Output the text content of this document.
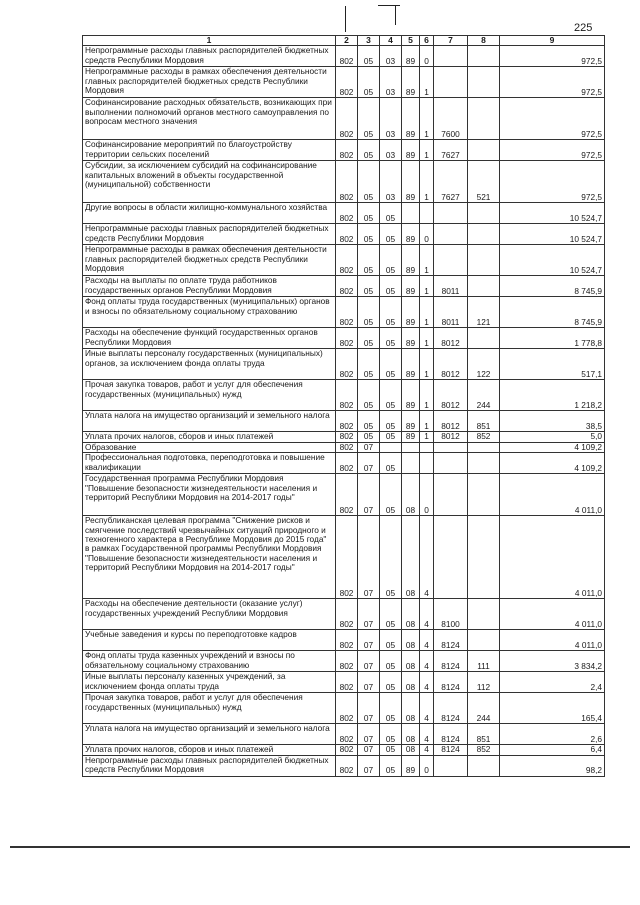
225
1	2	3	4	5	6	7	8	9
Непрограммные расходы главных распорядителей бюджетных средств Республики Мордовия	802	05	03	89	0			972,5
Непрограммные расходы в рамках обеспечения деятельности главных распорядителей бюджетных средств Республики Мордовия	802	05	03	89	1			972,5
Софинансирование расходных обязательств, возникающих при выполнении полномочий органов местного самоуправления по вопросам местного значения	802	05	03	89	1	7600		972,5
Софинансирование мероприятий по благоустройству территории сельских поселений	802	05	03	89	1	7627		972,5
Субсидии, за исключением субсидий на софинансирование капитальных вложений в объекты государственной (муниципальной) собственности	802	05	03	89	1	7627	521	972,5
Другие вопросы в области жилищно-коммунального хозяйства	802	05	05					10 524,7
Непрограммные расходы главных распорядителей бюджетных средств Республики Мордовия	802	05	05	89	0			10 524,7
Непрограммные расходы в рамках обеспечения деятельности главных распорядителей бюджетных средств Республики Мордовия	802	05	05	89	1			10 524,7
Расходы на выплаты по оплате труда работников государственных органов Республики Мордовия	802	05	05	89	1	8011		8 745,9
Фонд оплаты труда государственных (муниципальных) органов и взносы по обязательному социальному страхованию	802	05	05	89	1	8011	121	8 745,9
Расходы на обеспечение функций государственных органов Республики Мордовия	802	05	05	89	1	8012		1 778,8
Иные выплаты персоналу государственных (муниципальных) органов, за исключением фонда оплаты труда	802	05	05	89	1	8012	122	517,1
Прочая закупка товаров, работ и услуг для обеспечения государственных (муниципальных) нужд	802	05	05	89	1	8012	244	1 218,2
Уплата налога на имущество организаций и земельного налога	802	05	05	89	1	8012	851	38,5
Уплата прочих налогов, сборов и иных платежей	802	05	05	89	1	8012	852	5,0
Образование	802	07						4 109,2
Профессиональная подготовка, переподготовка и повышение квалификации	802	07	05					4 109,2
Государственная программа Республики Мордовия "Повышение безопасности жизнедеятельности населения и территорий Республики Мордовия на 2014-2017 годы"	802	07	05	08	0			4 011,0
Республиканская целевая программа "Снижение рисков и смягчение последствий чрезвычайных ситуаций природного и техногенного характера в Республике Мордовия до 2015 года" в рамках Государственной программы Республики Мордовия "Повышение безопасности жизнедеятельности населения и территорий Республики Мордовия на 2014-2017 годы"	802	07	05	08	4			4 011,0
Расходы на обеспечение деятельности (оказание услуг) государственных учреждений Республики Мордовия	802	07	05	08	4	8100		4 011,0
Учебные заведения и курсы по переподготовке кадров	802	07	05	08	4	8124		4 011,0
Фонд оплаты труда казенных учреждений и взносы по обязательному социальному страхованию	802	07	05	08	4	8124	111	3 834,2
Иные выплаты персоналу казенных учреждений, за исключением фонда оплаты труда	802	07	05	08	4	8124	112	2,4
Прочая закупка товаров, работ и услуг для обеспечения государственных (муниципальных) нужд	802	07	05	08	4	8124	244	165,4
Уплата налога на имущество организаций и земельного налога	802	07	05	08	4	8124	851	2,6
Уплата прочих налогов, сборов и иных платежей	802	07	05	08	4	8124	852	6,4
Непрограммные расходы главных распорядителей бюджетных средств Республики Мордовия	802	07	05	89	0			98,2
